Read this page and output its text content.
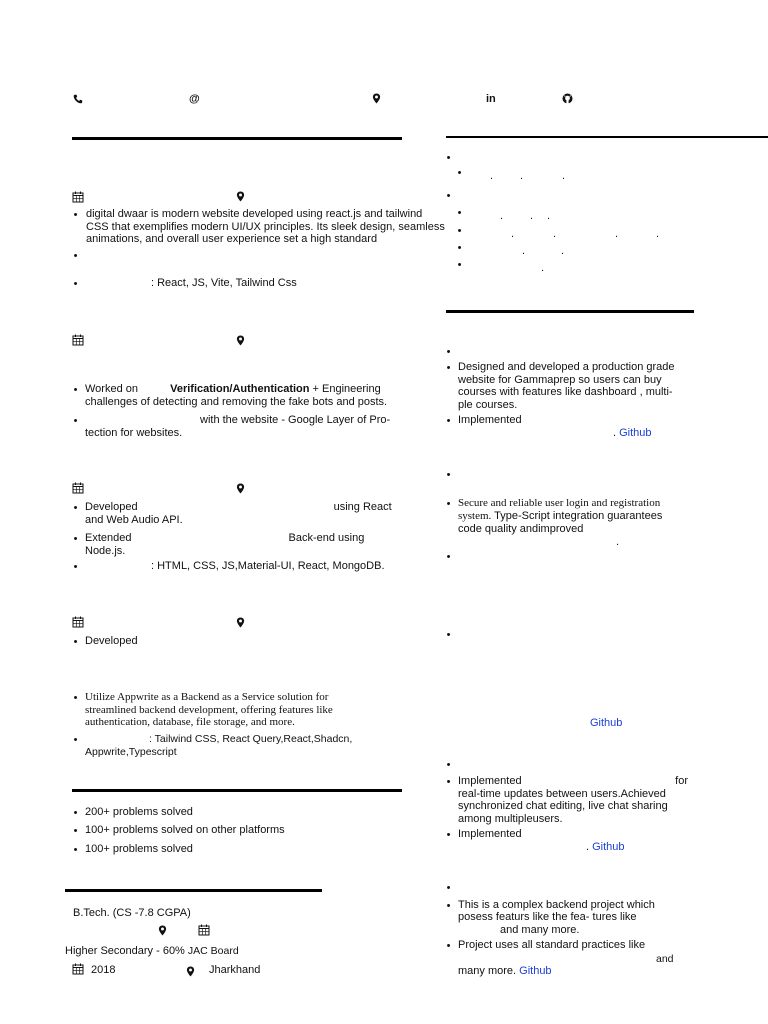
@	in
• digital dwaar is modern website developed using react.js and tailwind CSS that exemplifies modern UI/UX principles. Its sleek design, seamless animations, and overall user experience set a high standard
•
•	: React, JS, Vite, Tailwind Css
• Worked on	Verification/Authentication + Engineering
challenges of detecting and removing the fake bots and posts.
•	with the website - Google Layer of Pro-
tection for websites.
• Developed	using React
and Web Audio API.
• Extended	Back-end using
Node.js.
•	: HTML, CSS, JS,Material-UI, React, MongoDB.
• Developed
• Utilize Appwrite as a Backend as a Service solution for
streamlined backend development, offering features like
authentication, database, file storage, and more.
•	: Tailwind CSS, React Query,React,Shadcn,
Appwrite,Typescript
• 200+ problems solved
• 100+ problems solved on other platforms
• 100+ problems solved
B.Tech. (CS -7.8 CGPA)
Higher Secondary - 60% JAC Board
2018	Jharkhand
•
•	. .	.
•
•	. . .
•	.	.	.	.
•	.	.
•	.
•
• Designed and developed a production grade
website for Gammaprep so users can buy
courses with features like dashboard , multi-
ple courses.
• Implemented
. Github
•
• Secure and reliable user login and registration
system. Type-Script integration guarantees
code quality andimproved
.
•
•
Github
•
• Implemented	for

real-time updates between users.Achieved
synchronized chat editing, live chat sharing
among multipleusers.
• Implemented
. Github
•
• This is a complex backend project which
posess featurs like the fea- tures like
and many more.
• Project uses all standard practices like
and
many more. Github
